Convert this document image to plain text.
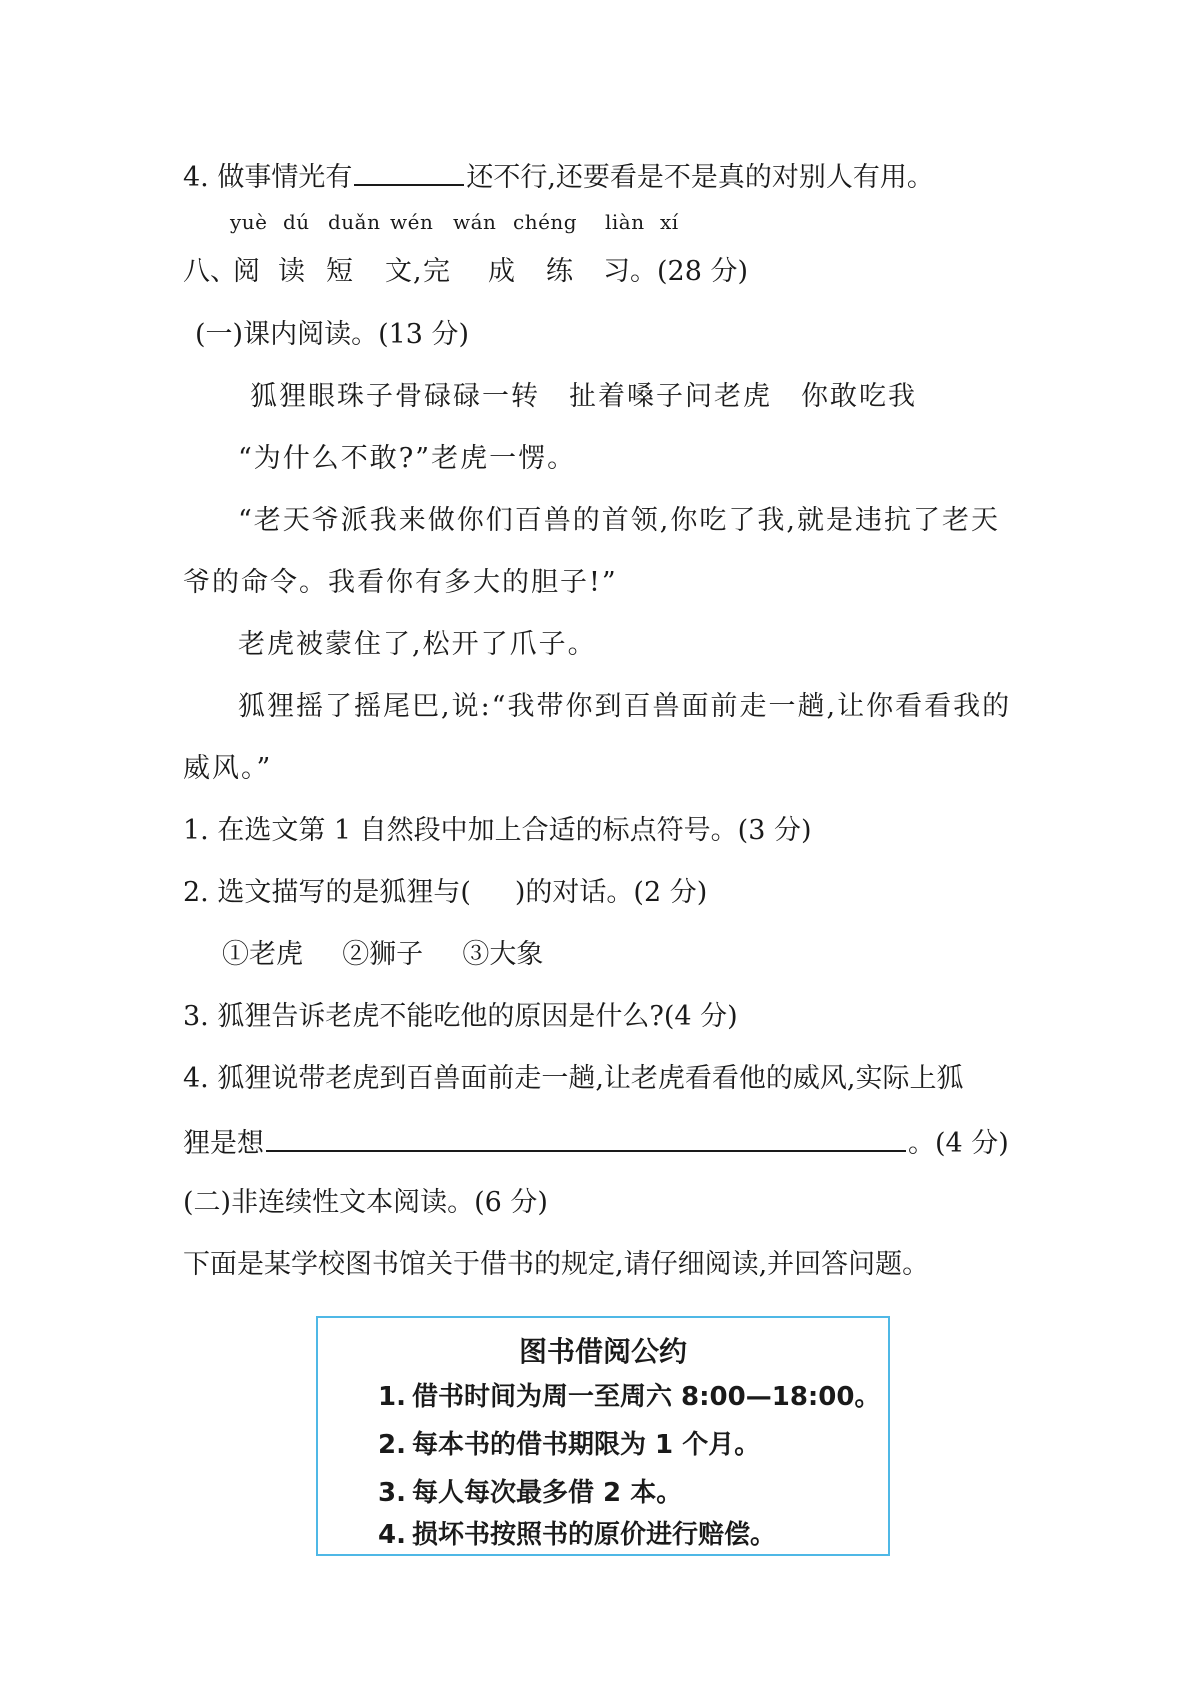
4. 做事情光有	还不行,还要看是不是真的对别人有用。
yuè dú duǎn wén wán chéng liàn xí
八、
阅 读 短 文 , 完 成 练 习 。(28 分)
(一)课内阅读。(13 分)
狐狸眼珠子骨碌碌一转　扯着嗓子问老虎　你敢吃我
“为什么不敢?”老虎一愣。
“老天爷派我来做你们百兽的首领,你吃了我,就是违抗了老天
爷的命令。我看你有多大的胆子!”
老虎被蒙住了,松开了爪子。
狐狸摇了摇尾巴,说:“我带你到百兽面前走一趟,让你看看我的
威风。”
1. 在选文第 1 自然段中加上合适的标点符号。(3 分)
2. 选文描写的是狐狸与( )的对话。(2 分)
①老虎 ②狮子 ③大象
3. 狐狸告诉老虎不能吃他的原因是什么?(4 分)
4. 狐狸说带老虎到百兽面前走一趟,让老虎看看他的威风,实际上狐
狸是想	。(4 分)
(二)非连续性文本阅读。(6 分)
下面是某学校图书馆关于借书的规定,请仔细阅读,并回答问题。
图书借阅公约
1. 借书时间为周一至周六 8:00—18:00。
2. 每本书的借书期限为 1 个月。
3. 每人每次最多借 2 本。
4. 损坏书按照书的原价进行赔偿。
